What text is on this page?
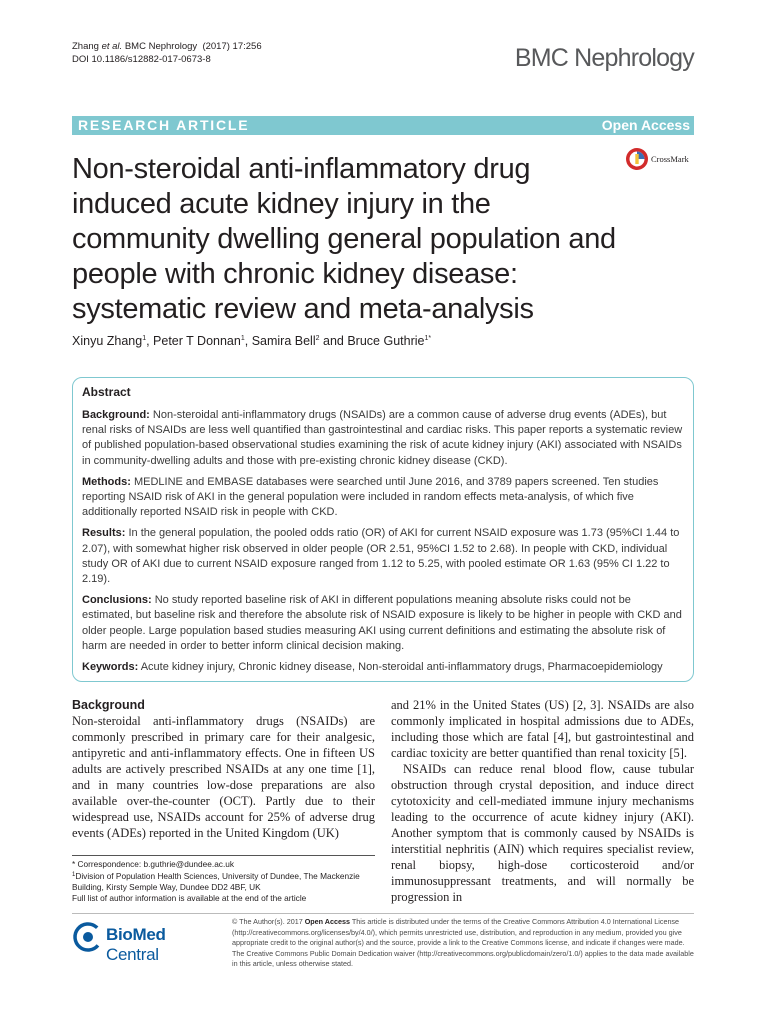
Zhang et al. BMC Nephrology (2017) 17:256
DOI 10.1186/s12882-017-0673-8	BMC Nephrology
RESEARCH ARTICLE	Open Access
CrossMark
Non-steroidal anti-inflammatory drug induced acute kidney injury in the community dwelling general population and people with chronic kidney disease: systematic review and meta-analysis
Xinyu Zhang$^1$, Peter T Donnan$^1$, Samira Bell$^2$ and Bruce Guthrie$^{1*}$
Abstract

Background: Non-steroidal anti-inflammatory drugs (NSAIDs) are a common cause of adverse drug events (ADEs), but renal risks of NSAIDs are less well quantified than gastrointestinal and cardiac risks. This paper reports a systematic review of published population-based observational studies examining the risk of acute kidney injury (AKI) associated with NSAIDs in community-dwelling adults and those with pre-existing chronic kidney disease (CKD).

Methods: MEDLINE and EMBASE databases were searched until June 2016, and 3789 papers screened. Ten studies reporting NSAID risk of AKI in the general population were included in random effects meta-analysis, of which five additionally reported NSAID risk in people with CKD.

Results: In the general population, the pooled odds ratio (OR) of AKI for current NSAID exposure was 1.73 (95%CI 1.44 to 2.07), with somewhat higher risk observed in older people (OR 2.51, 95%CI 1.52 to 2.68). In people with CKD, individual study OR of AKI due to current NSAID exposure ranged from 1.12 to 5.25, with pooled estimate OR 1.63 (95% CI 1.22 to 2.19).

Conclusions: No study reported baseline risk of AKI in different populations meaning absolute risks could not be estimated, but baseline risk and therefore the absolute risk of NSAID exposure is likely to be higher in people with CKD and older people. Large population based studies measuring AKI using current definitions and estimating the absolute risk of harm are needed in order to better inform clinical decision making.

Keywords: Acute kidney injury, Chronic kidney disease, Non-steroidal anti-inflammatory drugs, Pharmacoepidemiology

Background

Non-steroidal anti-inflammatory drugs (NSAIDs) are commonly prescribed in primary care for their analgesic, antipyretic and anti-inflammatory effects. One in fifteen US adults are actively prescribed NSAIDs at any one time [1], and in many countries low-dose preparations are also available over-the-counter (OCT). Partly due to their widespread use, NSAIDs account for 25% of adverse drug events (ADEs) reported in the United Kingdom (UK)

and 21% in the United States (US) [2, 3]. NSAIDs are also commonly implicated in hospital admissions due to ADEs, including those which are fatal [4], but gastrointestinal and cardiac toxicity are better quantified than renal toxicity [5].

NSAIDs can reduce renal blood flow, cause tubular obstruction through crystal deposition, and induce direct cytotoxicity and cell-mediated immune injury mechanisms leading to the occurrence of acute kidney injury (AKI). Another symptom that is commonly caused by NSAIDs is interstitial nephritis (AIN) which requires specialist review, renal biopsy, high-dose corticosteroid and/or immunosuppressant treatments, and will normally be progression in

* Correspondence: b.guthrie@dundee.ac.uk
$^1$Division of Population Health Sciences, University of Dundee, The Mackenzie Building, Kirsty Semple Way, Dundee DD2 4BF, UK
Full list of author information is available at the end of the article
BioMed Central
© The Author(s). 2017 Open Access This article is distributed under the terms of the Creative Commons Attribution 4.0 International License (http://creativecommons.org/licenses/by/4.0/), which permits unrestricted use, distribution, and reproduction in any medium, provided you give appropriate credit to the original author(s) and the source, provide a link to the Creative Commons license, and indicate if changes were made. The Creative Commons Public Domain Dedication waiver (http://creativecommons.org/publicdomain/zero/1.0/) applies to the data made available in this article, unless otherwise stated.
